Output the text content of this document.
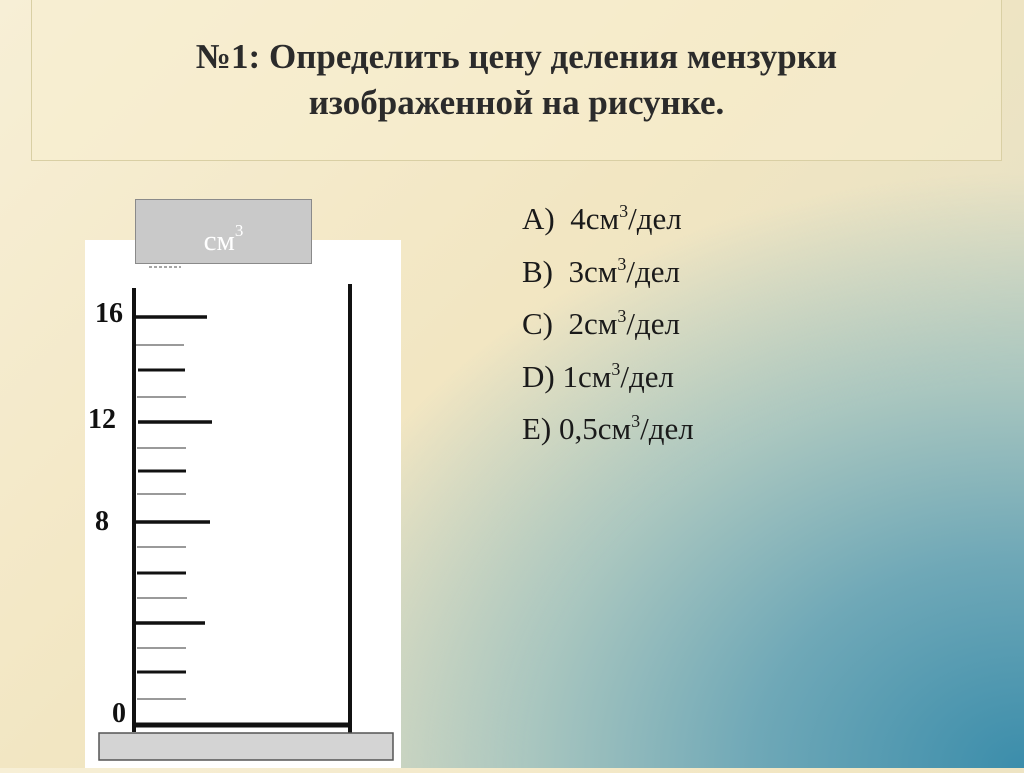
№1: Определить цену деления мензурки
изображенной на рисунке.
16
12
8
0
$см^3$	A) $4см^3$/дел
B) $3см^3$/дел
C) $2см^3$/дел
D) $1см^3$/дел
E) $0,5см^3$/дел
